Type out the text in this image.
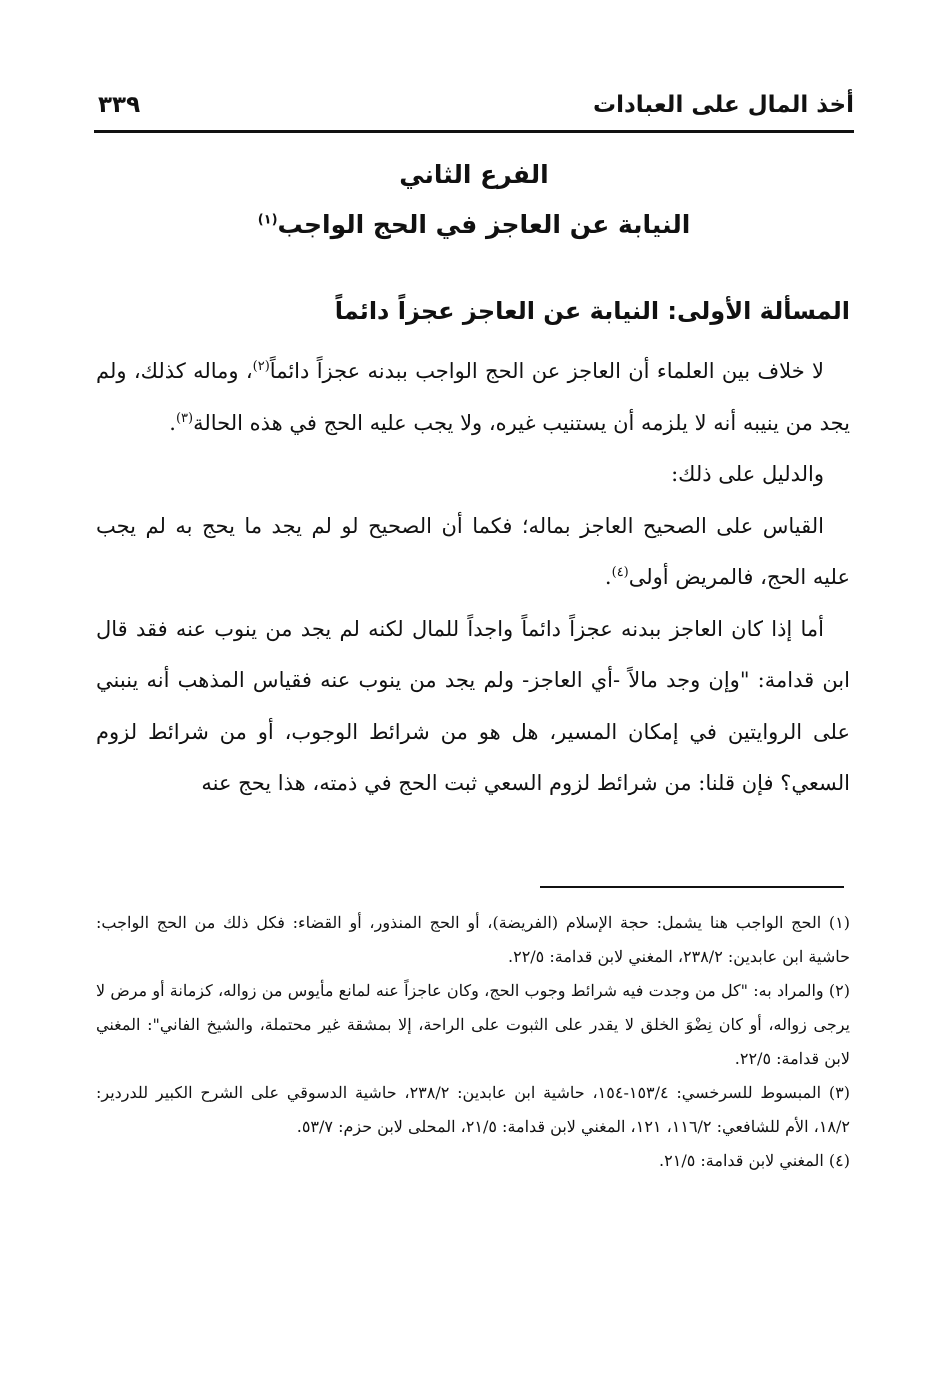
أخذ المال على العبادات
٣٣٩
الفرع الثاني
النيابة عن العاجز في الحج الواجب$^{(١)}$
المسألة الأولى: النيابة عن العاجز عجزاً دائماً

لا خلاف بين العلماء أن العاجز عن الحج الواجب ببدنه عجزاً دائماً$^{(٢)}$، وماله كذلك، ولم يجد من ينيبه أنه لا يلزمه أن يستنيب غيره، ولا يجب عليه الحج في هذه الحالة$^{(٣)}$.

والدليل على ذلك:

القياس على الصحيح العاجز بماله؛ فكما أن الصحيح لو لم يجد ما يحج به لم يجب عليه الحج، فالمريض أولى$^{(٤)}$.

أما إذا كان العاجز ببدنه عجزاً دائماً واجداً للمال لكنه لم يجد من ينوب عنه فقد قال ابن قدامة: "وإن وجد مالاً -أي العاجز- ولم يجد من ينوب عنه فقياس المذهب أنه ينبني على الروايتين في إمكان المسير، هل هو من شرائط الوجوب، أو من شرائط لزوم السعي؟ فإن قلنا: من شرائط لزوم السعي ثبت الحج في ذمته، هذا يحج عنه

(١) الحج الواجب هنا يشمل: حجة الإسلام (الفريضة)، أو الحج المنذور، أو القضاء: فكل ذلك من الحج الواجب: حاشية ابن عابدين: ٢٣٨/٢، المغني لابن قدامة: ٢٢/٥.

(٢) والمراد به: "كل من وجدت فيه شرائط وجوب الحج، وكان عاجزاً عنه لمانع مأيوس من زواله، كزمانة أو مرض لا يرجى زواله، أو كان نِضْوَ الخلق لا يقدر على الثبوت على الراحة، إلا بمشقة غير محتملة، والشيخ الفاني": المغني لابن قدامة: ٢٢/٥.

(٣) المبسوط للسرخسي: ١٥٣/٤-١٥٤، حاشية ابن عابدين: ٢٣٨/٢، حاشية الدسوقي على الشرح الكبير للدردير: ١٨/٢، الأم للشافعي: ١١٦/٢، ١٢١، المغني لابن قدامة: ٢١/٥، المحلى لابن حزم: ٥٣/٧.

(٤) المغني لابن قدامة: ٢١/٥.
